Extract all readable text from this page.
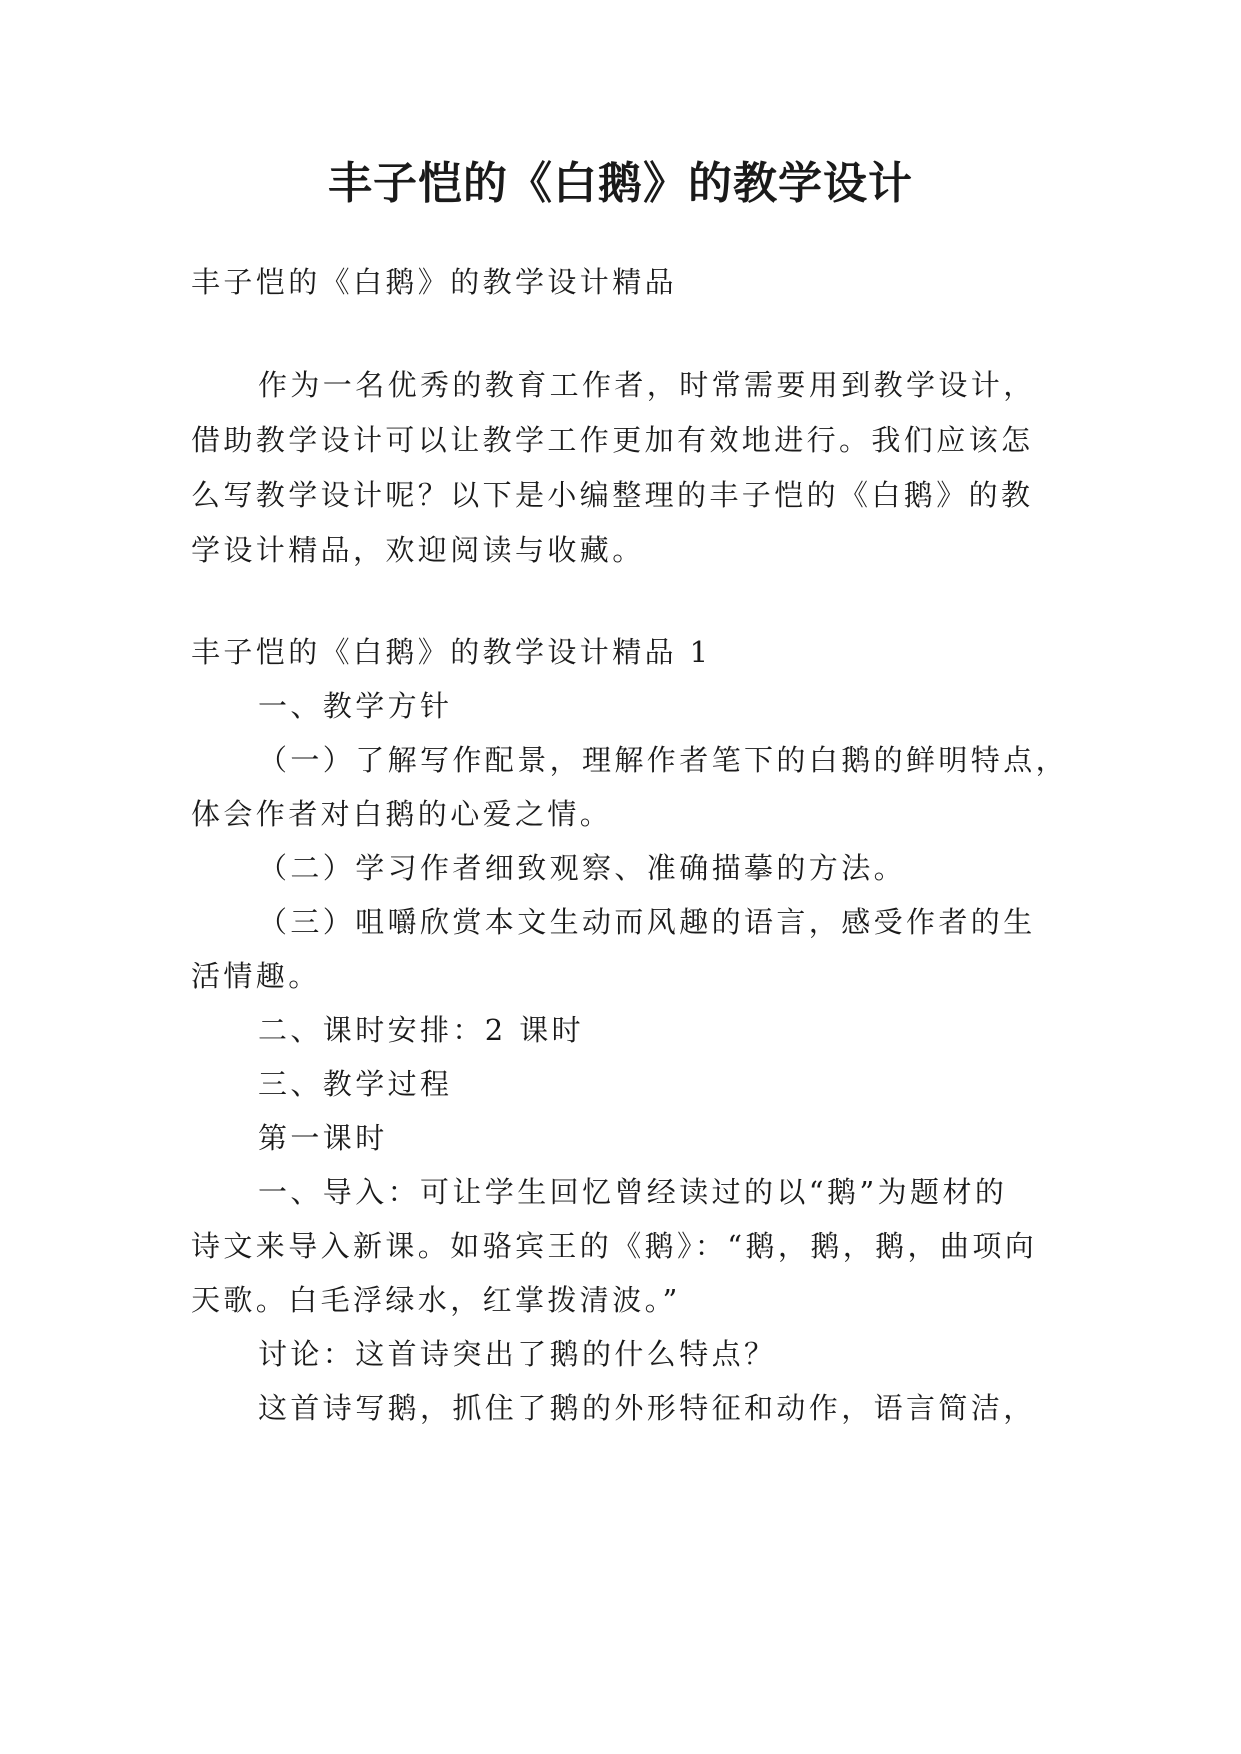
丰子恺的《白鹅》的教学设计

丰子恺的《白鹅》的教学设计精品

作为一名优秀的教育工作者，时常需要用到教学设计，

借助教学设计可以让教学工作更加有效地进行。我们应该怎

么写教学设计呢？以下是小编整理的丰子恺的《白鹅》的教

学设计精品，欢迎阅读与收藏。

丰子恺的《白鹅》的教学设计精品 1

一、教学方针

（一）了解写作配景，理解作者笔下的白鹅的鲜明特点，

体会作者对白鹅的心爱之情。

（二）学习作者细致观察、准确描摹的方法。

（三）咀嚼欣赏本文生动而风趣的语言，感受作者的生

活情趣。

二、课时安排：2 课时

三、教学过程

第一课时

一、导入：可让学生回忆曾经读过的以“鹅”为题材的

诗文来导入新课。如骆宾王的《鹅》：“鹅，鹅，鹅，曲项向

天歌。白毛浮绿水，红掌拨清波。”

讨论：这首诗突出了鹅的什么特点？

这首诗写鹅，抓住了鹅的外形特征和动作，语言简洁，
